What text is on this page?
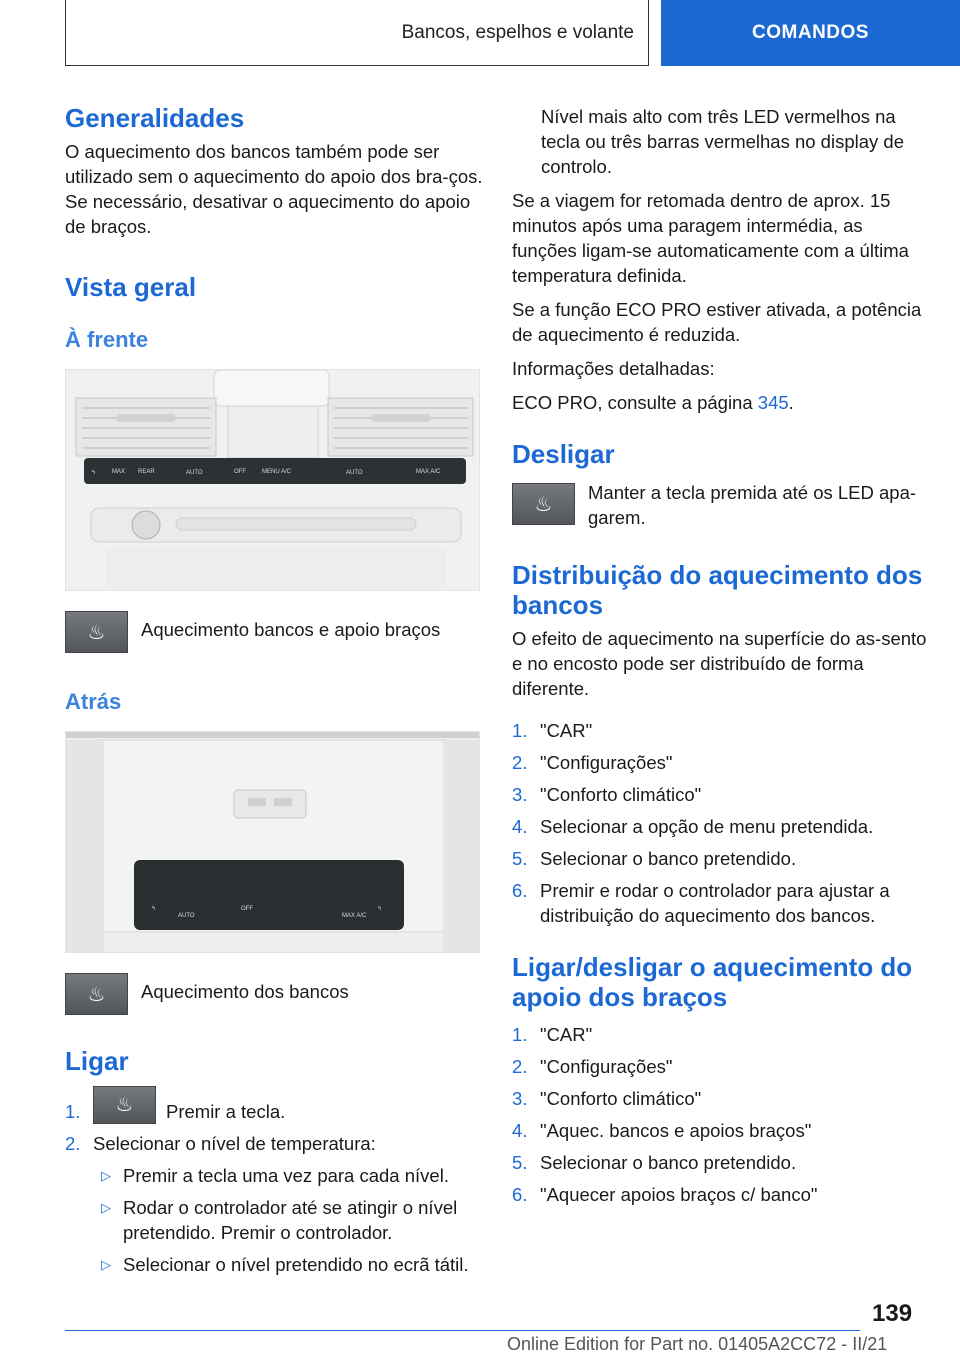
Bancos, espelhos e volante	COMANDOS
Generalidades

O aquecimento dos bancos também pode ser utilizado sem o aquecimento do apoio dos bra-ços. Se necessário, desativar o aquecimento do apoio de braços.

Vista geral
À frente
ϟ	MAX REAR	AUTO	OFF	MENU A/C	AUTO	MAX A/C
♨	Aquecimento bancos e apoio braços

Atrás
ϟ
AUTO
OFF
MAX A/C
ϟ
♨	Aquecimento dos bancos

Ligar
1.	♨	Premir a tecla.
2. Selecionar o nível de temperatura:
▷ Premir a tecla uma vez para cada nível.
▷ Rodar o controlador até se atingir o nível pretendido. Premir o controlador.
▷ Selecionar o nível pretendido no ecrã tátil.

Nível mais alto com três LED vermelhos na tecla ou três barras vermelhas no display de controlo.

Se a viagem for retomada dentro de aprox. 15 minutos após uma paragem intermédia, as funções ligam-se automaticamente com a última temperatura definida.

Se a função ECO PRO estiver ativada, a potência de aquecimento é reduzida.

Informações detalhadas:

ECO PRO, consulte a página 345.

Desligar
♨

Manter a tecla premida até os LED apa-garem.

Distribuição do aquecimento dos bancos

O efeito de aquecimento na superfície do as-sento e no encosto pode ser distribuído de forma diferente.

1. "CAR"
2. "Configurações"
3. "Conforto climático"
4. Selecionar a opção de menu pretendida.
5. Selecionar o banco pretendido.
6. Premir e rodar o controlador para ajustar a distribuição do aquecimento dos bancos.
Ligar/desligar o aquecimento do apoio dos braços
1. "CAR"
2. "Configurações"
3. "Conforto climático"
4. "Aquec. bancos e apoios braços"
5. Selecionar o banco pretendido.
6. "Aquecer apoios braços c/ banco"
139
Online Edition for Part no. 01405A2CC72 - II/21
